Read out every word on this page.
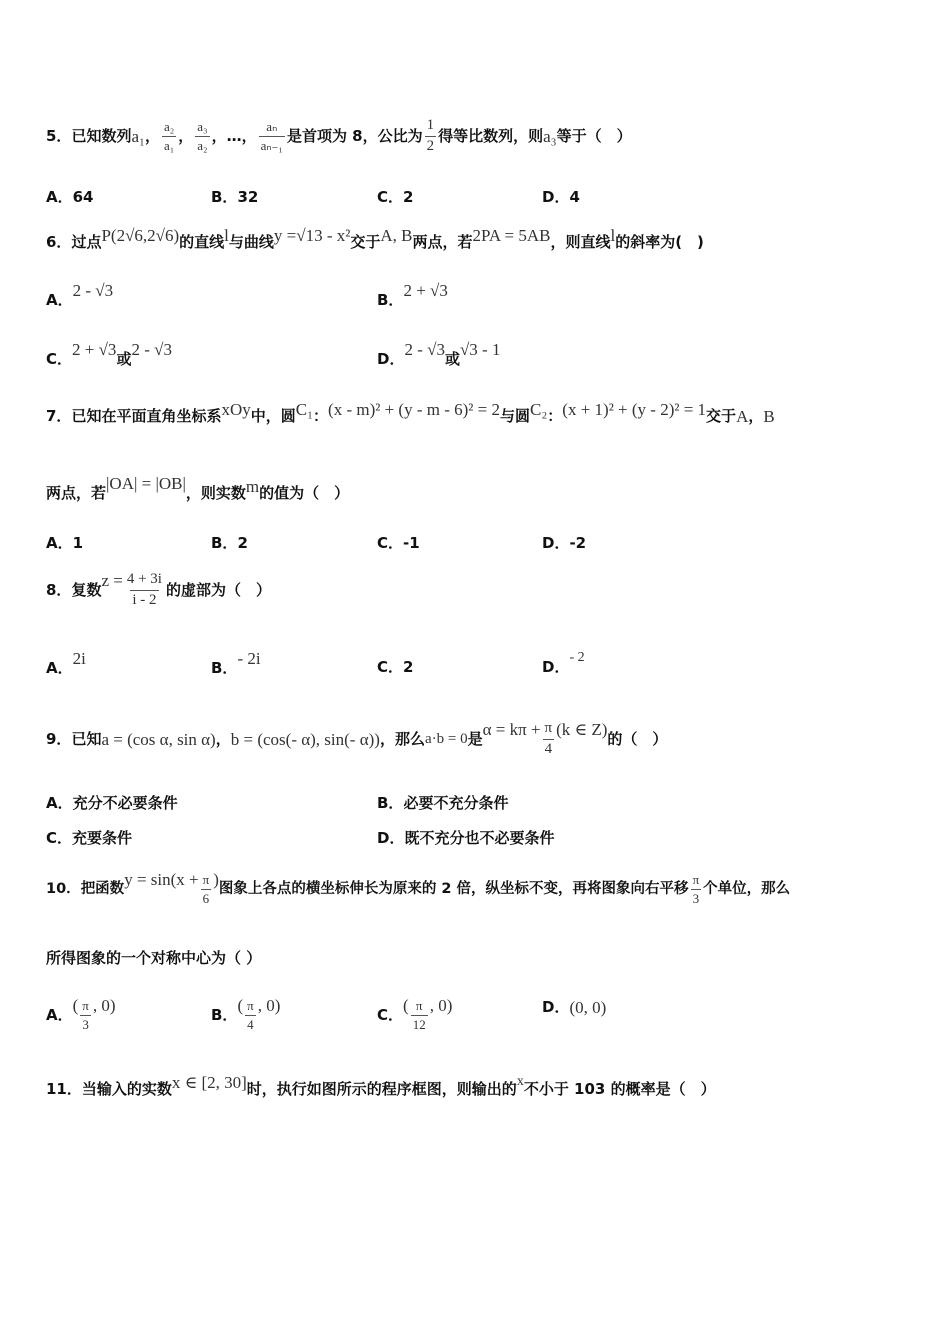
5． 已知数列 a₁ ， $\frac{\text{a₂}}{\text{a₁}}$ ， $\frac{\text{a₃}}{\text{a₂}}$ ，…， $\frac{\text{aₙ}}{\text{aₙ₋₁}}$ 是首项为 8，公比为 $\frac{1}{2}$ 得等比数列，则 a₃ 等于（　）
A． 64	B． 32	C． 2	D． 4
6． 过点 P(2√6,2√6) 的直线 l 与曲线 y =√13 - x² 交于 A, B 两点，若 2PA = 5AB ，则直线 l 的斜率为(　)
A． 2 - √3	B． 2 + √3
C． 2 + √3 或 2 - √3	D． 2 - √3 或 √3 - 1
7． 已知在平面直角坐标系 xOy 中，圆 C₁ ： (x - m)² + (y - m - 6)² = 2 与圆 C₂ ： (x + 1)² + (y - 2)² = 1 交于 A ， B
两点，若 |OA| = |OB| ，则实数 m 的值为（　）
A． 1	B． 2	C． -1	D． -2
8． 复数 $z = \frac{4 + 3i}{i - 2}$ 的虚部为（　）
A． 2i	B． - 2i	C． 2	D．
- 2
9． 已知 a = (cos α, sin α) ， b = (cos(- α), sin(- α)) ，那么 a·b = 0 是 $\alpha = k\pi + \frac{\pi}{4} (k$ ∈ Z) 的（　）
A． 充分不必要条件	B． 必要不充分条件
C． 充要条件	D． 既不充分也不必要条件
10． 把函数
$y = \sin(x + \frac{\pi}{6}$ )
图象上各点的横坐标伸长为原来的 2 倍，纵坐标不变，再将图象向右平移 $\frac{\pi}{3}$ 个单位，那么
所得图象的一个对称中心为（ ）
A． ( $\frac{\pi}{3}$ , 0)	B． ( $\frac{\pi}{4}$ , 0)	C． ( $\frac{\pi}{12}$ , 0)	D． (0, 0)
11． 当输入的实数 x ∈ [2, 30] 时，执行如图所示的程序框图，则输出的 x 不小于 103 的概率是（　）
